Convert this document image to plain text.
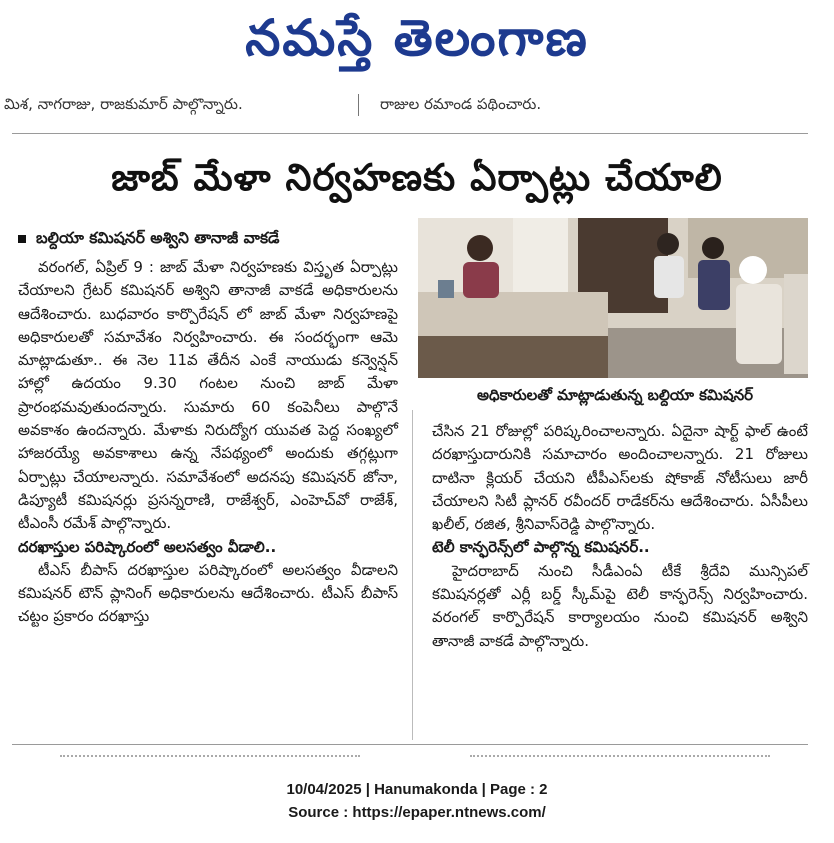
నమస్తే తెలంగాణ
మిశ, నాగరాజు, రాజకుమార్ పాల్గొన్నారు.	రాజుల రమాండ పథించారు.
జాబ్ మేళా నిర్వహణకు ఏర్పాట్లు చేయాలి
బల్దియా కమిషనర్ అశ్విని తానాజీ వాకడే

వరంగల్, ఏప్రిల్ 9 : జాబ్ మేళా నిర్వహణకు విస్తృత ఏర్పాట్లు చేయాలని గ్రేటర్ కమిషనర్ అశ్విని తానాజీ వాకడే అధికారులను ఆదేశించారు. బుధవారం కార్పొరేషన్ లో జాబ్ మేళా నిర్వహణపై అధికారులతో సమావేశం నిర్వహించారు. ఈ సందర్భంగా ఆమె మాట్లాడుతూ.. ఈ నెల 11వ తేదీన ఎంకే నాయుడు కన్వెన్షన్ హాల్లో ఉదయం 9.30 గంటల నుంచి జాబ్ మేళా ప్రారంభమవుతుందన్నారు. సుమారు 60 కంపెనీలు పాల్గొనే అవకాశం ఉందన్నారు. మేళాకు నిరుద్యోగ యువత పెద్ద సంఖ్యలో హాజరయ్యే అవకాశాలు ఉన్న నేపథ్యంలో అందుకు తగ్గట్లుగా ఏర్పాట్లు చేయాలన్నారు. సమావేశంలో అదనపు కమిషనర్ జోనా, డిప్యూటీ కమిషనర్లు ప్రసన్నరాణి, రాజేశ్వర్, ఎంహెచ్‌వో రాజేశ్, టీఎంసీ రమేశ్ పాల్గొన్నారు.

దరఖాస్తుల పరిష్కారంలో అలసత్వం వీడాలి..

టీఎస్ బీపాస్ దరఖాస్తుల పరిష్కారంలో అలసత్వం వీడాలని కమిషనర్ టౌన్ ప్లానింగ్ అధికారులను ఆదేశించారు. టీఎస్ బీపాస్ చట్టం ప్రకారం దరఖాస్తు

అధికారులతో మాట్లాడుతున్న బల్దియా కమిషనర్

చేసిన 21 రోజుల్లో పరిష్కరించాలన్నారు. ఏదైనా షార్ట్ ఫాల్ ఉంటే దరఖాస్తుదారునికి సమాచారం అందించాలన్నారు. 21 రోజులు దాటినా క్లియర్ చేయని టీపీఎస్‌లకు షోకాజ్ నోటీసులు జారీ చేయాలని సిటీ ప్లానర్ రవీందర్ రాడేకర్‌ను ఆదేశించారు. ఏసీపీలు ఖలీల్, రజిత, శ్రీనివాస్‌రెడ్డి పాల్గొన్నారు.

టెలీ కాన్ఫరెన్స్‌లో పాల్గొన్న కమిషనర్..

హైదరాబాద్ నుంచి సీడీఎంఏ టీకే శ్రీదేవి మున్సిపల్ కమిషనర్లతో ఎర్లీ బర్డ్ స్కీమ్‌పై టెలీ కాన్ఫరెన్స్ నిర్వహించారు. వరంగల్ కార్పొరేషన్ కార్యాలయం నుంచి కమిషనర్ అశ్విని తానాజీ వాకడే పాల్గొన్నారు.

10/04/2025 | Hanumakonda | Page : 2
Source : https://epaper.ntnews.com/
